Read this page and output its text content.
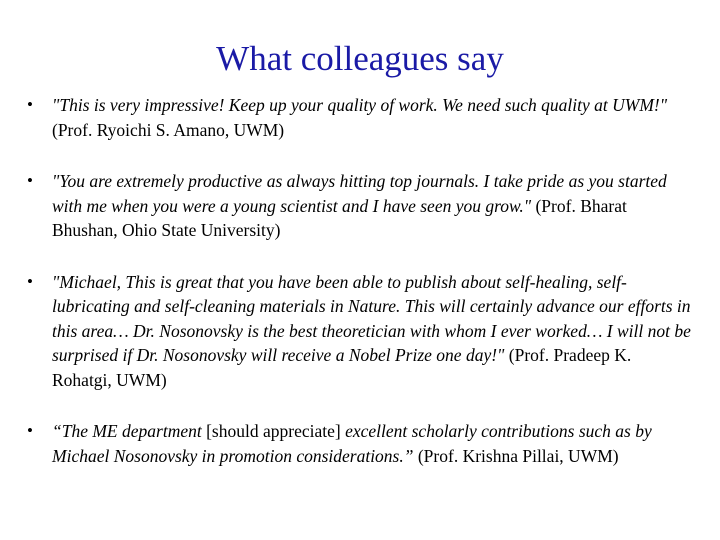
What colleagues say
• "This is very impressive! Keep up your quality of work. We need such quality at UWM!" (Prof. Ryoichi S. Amano, UWM)
• "You are extremely productive as always hitting top journals. I take pride as you started with me when you were a young scientist and I have seen you grow." (Prof. Bharat Bhushan, Ohio State University)
• "Michael, This is great that you have been able to publish about self-healing, self-lubricating and self-cleaning materials in Nature. This will certainly advance our efforts in this area… Dr. Nosonovsky is the best theoretician with whom I ever worked… I will not be surprised if Dr. Nosonovsky will receive a Nobel Prize one day!" (Prof. Pradeep K. Rohatgi, UWM)
• “The ME department [should appreciate] excellent scholarly contributions such as by Michael Nosonovsky in promotion considerations.” (Prof. Krishna Pillai, UWM)
